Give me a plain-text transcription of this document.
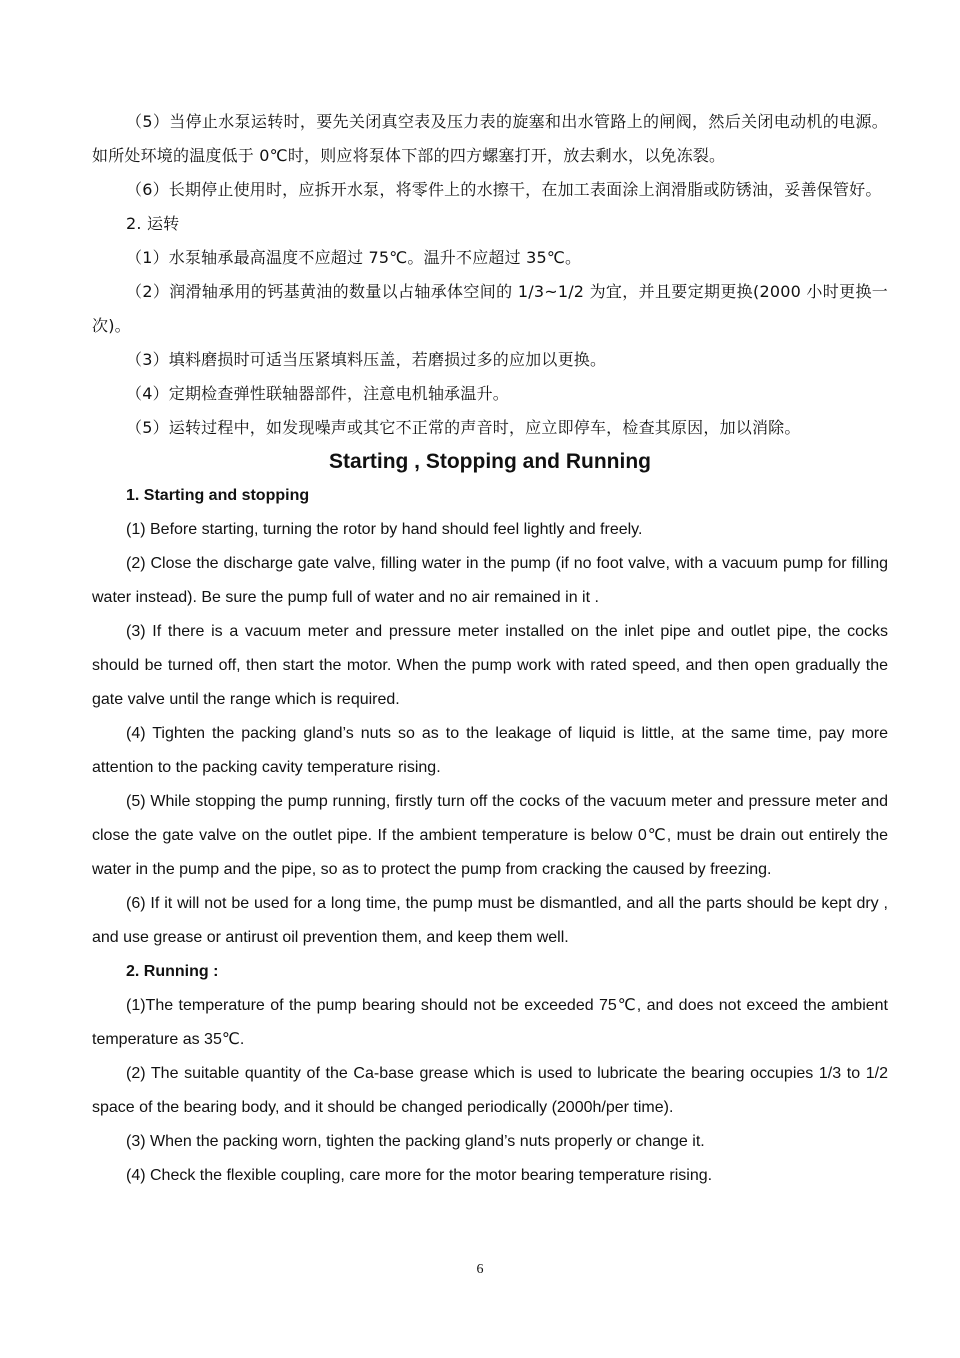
（5）当停止水泵运转时，要先关闭真空表及压力表的旋塞和出水管路上的闸阀，然后关闭电动机的电源。如所处环境的温度低于 0℃时，则应将泵体下部的四方螺塞打开，放去剩水，以免冻裂。

（6）长期停止使用时，应拆开水泵，将零件上的水擦干，在加工表面涂上润滑脂或防锈油，妥善保管好。

2. 运转

（1）水泵轴承最高温度不应超过 75℃。温升不应超过 35℃。

（2）润滑轴承用的钙基黄油的数量以占轴承体空间的 1/3~1/2 为宜，并且要定期更换(2000 小时更换一次)。

（3）填料磨损时可适当压紧填料压盖，若磨损过多的应加以更换。

（4）定期检查弹性联轴器部件，注意电机轴承温升。

（5）运转过程中，如发现噪声或其它不正常的声音时，应立即停车，检查其原因，加以消除。

Starting , Stopping and Running

1. Starting and stopping

(1) Before starting, turning the rotor by hand should feel lightly and freely.

(2) Close the discharge gate valve, filling water in the pump (if no foot valve, with a vacuum pump for filling water instead). Be sure the pump full of water and no air remained in it .

(3) If there is a vacuum meter and pressure meter installed on the inlet pipe and outlet pipe, the cocks should be turned off, then start the motor. When the pump work with rated speed, and then open gradually the gate valve until the range which is required.

(4) Tighten the packing gland’s nuts so as to the leakage of liquid is little, at the same time, pay more attention to the packing cavity temperature rising.

(5) While stopping the pump running, firstly turn off the cocks of the vacuum meter and pressure meter and close the gate valve on the outlet pipe. If the ambient temperature is below 0℃, must be drain out entirely the water in the pump and the pipe, so as to protect the pump from cracking the caused by freezing.

(6) If it will not be used for a long time, the pump must be dismantled, and all the parts should be kept dry , and use grease or antirust oil prevention them, and keep them well.

2. Running :

(1)The temperature of the pump bearing should not be exceeded 75℃, and does not exceed the ambient temperature as 35℃.

(2) The suitable quantity of the Ca-base grease which is used to lubricate the bearing occupies 1/3 to 1/2 space of the bearing body, and it should be changed periodically (2000h/per time).

(3) When the packing worn, tighten the packing gland’s nuts properly or change it.

(4) Check the flexible coupling, care more for the motor bearing temperature rising.

6
